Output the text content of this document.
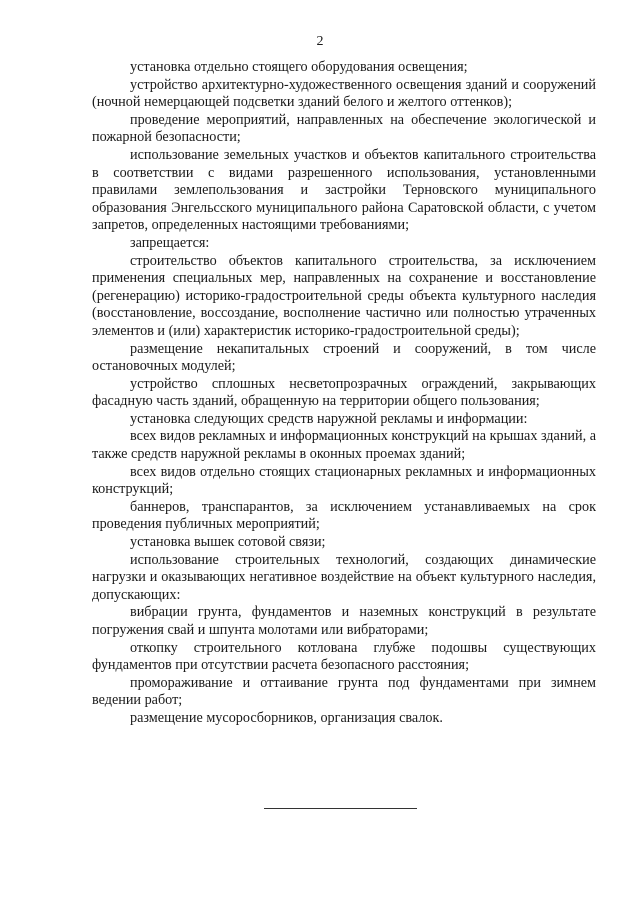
2

установка отдельно стоящего оборудования освещения;

устройство архитектурно-художественного освещения зданий и сооружений (ночной немерцающей подсветки зданий белого и желтого оттенков);

проведение мероприятий, направленных на обеспечение экологической и пожарной безопасности;

использование земельных участков и объектов капитального строительства в соответствии с видами разрешенного использования, установленными правилами землепользования и застройки Терновского муниципального образования Энгельсского муниципального района Саратовской области, с учетом запретов, определенных настоящими требованиями;

запрещается:

строительство объектов капитального строительства, за исключением применения специальных мер, направленных на сохранение и восстановление (регенерацию) историко-градостроительной среды объекта культурного наследия (восстановление, воссоздание, восполнение частично или полностью утраченных элементов и (или) характеристик историко-градостроительной среды);

размещение некапитальных строений и сооружений, в том числе остановочных модулей;

устройство сплошных несветопрозрачных ограждений, закрывающих фасадную часть зданий, обращенную на территории общего пользования;

установка следующих средств наружной рекламы и информации:

всех видов рекламных и информационных конструкций на крышах зданий, а также средств наружной рекламы в оконных проемах зданий;

всех видов отдельно стоящих стационарных рекламных и информационных конструкций;

баннеров, транспарантов, за исключением устанавливаемых на срок проведения публичных мероприятий;

установка вышек сотовой связи;

использование строительных технологий, создающих динамические нагрузки и оказывающих негативное воздействие на объект культурного наследия, допускающих:

вибрации грунта, фундаментов и наземных конструкций в результате погружения свай и шпунта молотами или вибраторами;

откопку строительного котлована глубже подошвы существующих фундаментов при отсутствии расчета безопасного расстояния;

промораживание и оттаивание грунта под фундаментами при зимнем ведении работ;

размещение мусоросборников, организация свалок.
